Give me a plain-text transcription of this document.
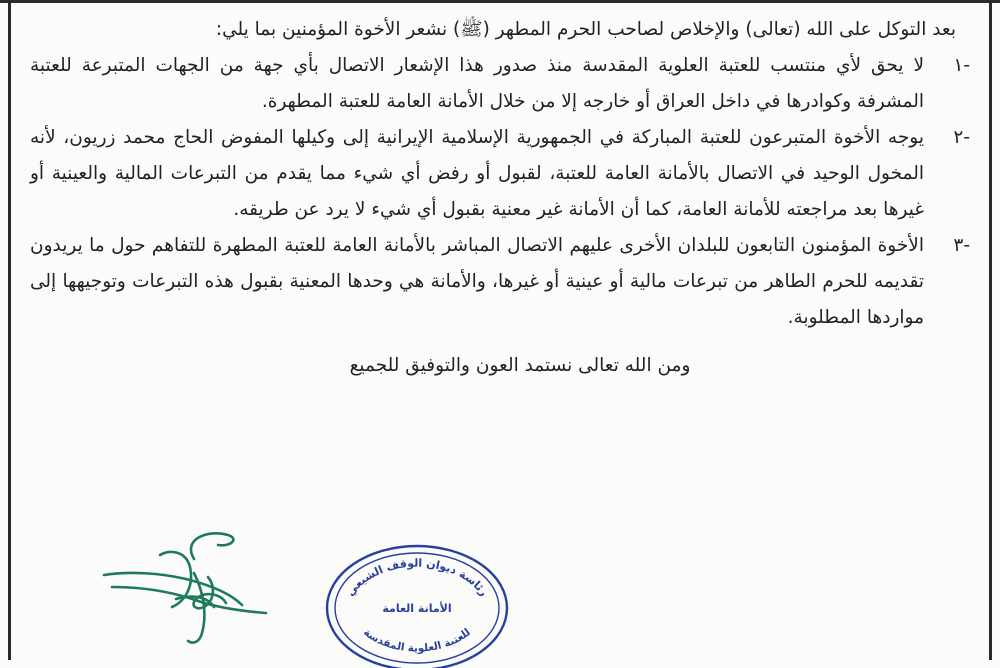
بعد التوكل على الله (تعالى) والإخلاص لصاحب الحرم المطهر (ﷺ) نشعر الأخوة المؤمنين بما يلي:

-١
لا يحق لأي منتسب للعتبة العلوية المقدسة منذ صدور هذا الإشعار الاتصال بأي جهة من الجهات المتبرعة للعتبة المشرفة وكوادرها في داخل العراق أو خارجه إلا من خلال الأمانة العامة للعتبة المطهرة.
-٢
يوجه الأخوة المتبرعون للعتبة المباركة في الجمهورية الإسلامية الإيرانية إلى وكيلها المفوض الحاج محمد زريون، لأنه المخول الوحيد في الاتصال بالأمانة العامة للعتبة، لقبول أو رفض أي شيء مما يقدم من التبرعات المالية والعينية أو غيرها بعد مراجعته للأمانة العامة، كما أن الأمانة غير معنية بقبول أي شيء لا يرد عن طريقه.
-٣
الأخوة المؤمنون التابعون للبلدان الأخرى عليهم الاتصال المباشر بالأمانة العامة للعتبة المطهرة للتفاهم حول ما يريدون تقديمه للحرم الطاهر من تبرعات مالية أو عينية أو غيرها، والأمانة هي وحدها المعنية بقبول هذه التبرعات وتوجيهها إلى مواردها المطلوبة.

ومن الله تعالى نستمد العون والتوفيق للجميع

رئاسة ديوان الوقف الشيعي
الأمانة العامة
للعتبة العلوية المقدسة
